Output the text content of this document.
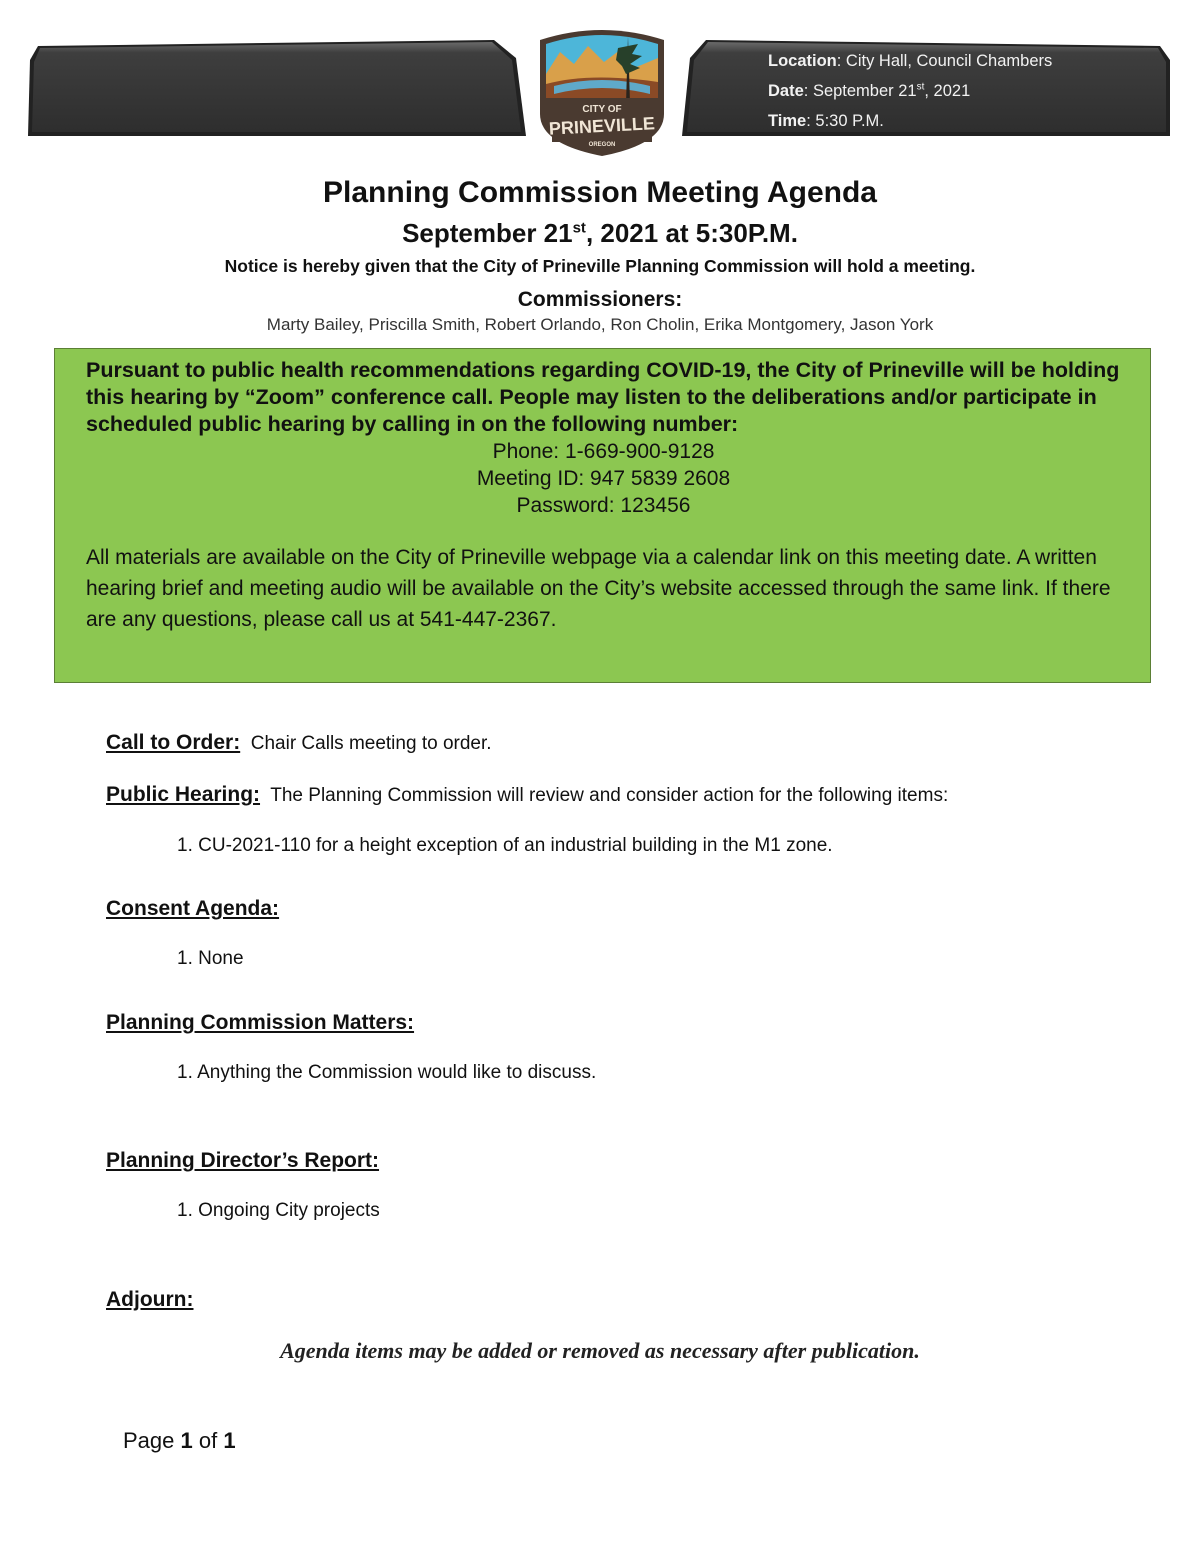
Location: City Hall, Council Chambers
Date: September 21st, 2021
Time: 5:30 P.M.
CITY OF
PRINEVILLE
OREGON
Planning Commission Meeting Agenda
September 21st, 2021 at 5:30P.M.
Notice is hereby given that the City of Prineville Planning Commission will hold a meeting.
Commissioners:
Marty Bailey, Priscilla Smith, Robert Orlando, Ron Cholin, Erika Montgomery, Jason York
Pursuant to public health recommendations regarding COVID-19, the City of Prineville will be holding this hearing by “Zoom” conference call. People may listen to the deliberations and/or participate in scheduled public hearing by calling in on the following number:
Phone: 1-669-900-9128
Meeting ID: 947 5839 2608
Password: 123456
All materials are available on the City of Prineville webpage via a calendar link on this meeting date. A written hearing brief and meeting audio will be available on the City’s website accessed through the same link. If there are any questions, please call us at 541-447-2367.
Call to Order: Chair Calls meeting to order.
Public Hearing: The Planning Commission will review and consider action for the following items:
1. CU-2021-110 for a height exception of an industrial building in the M1 zone.
Consent Agenda:
1. None
Planning Commission Matters:
1. Anything the Commission would like to discuss.
Planning Director’s Report:
1. Ongoing City projects
Adjourn:
Agenda items may be added or removed as necessary after publication.
Page 1 of 1
